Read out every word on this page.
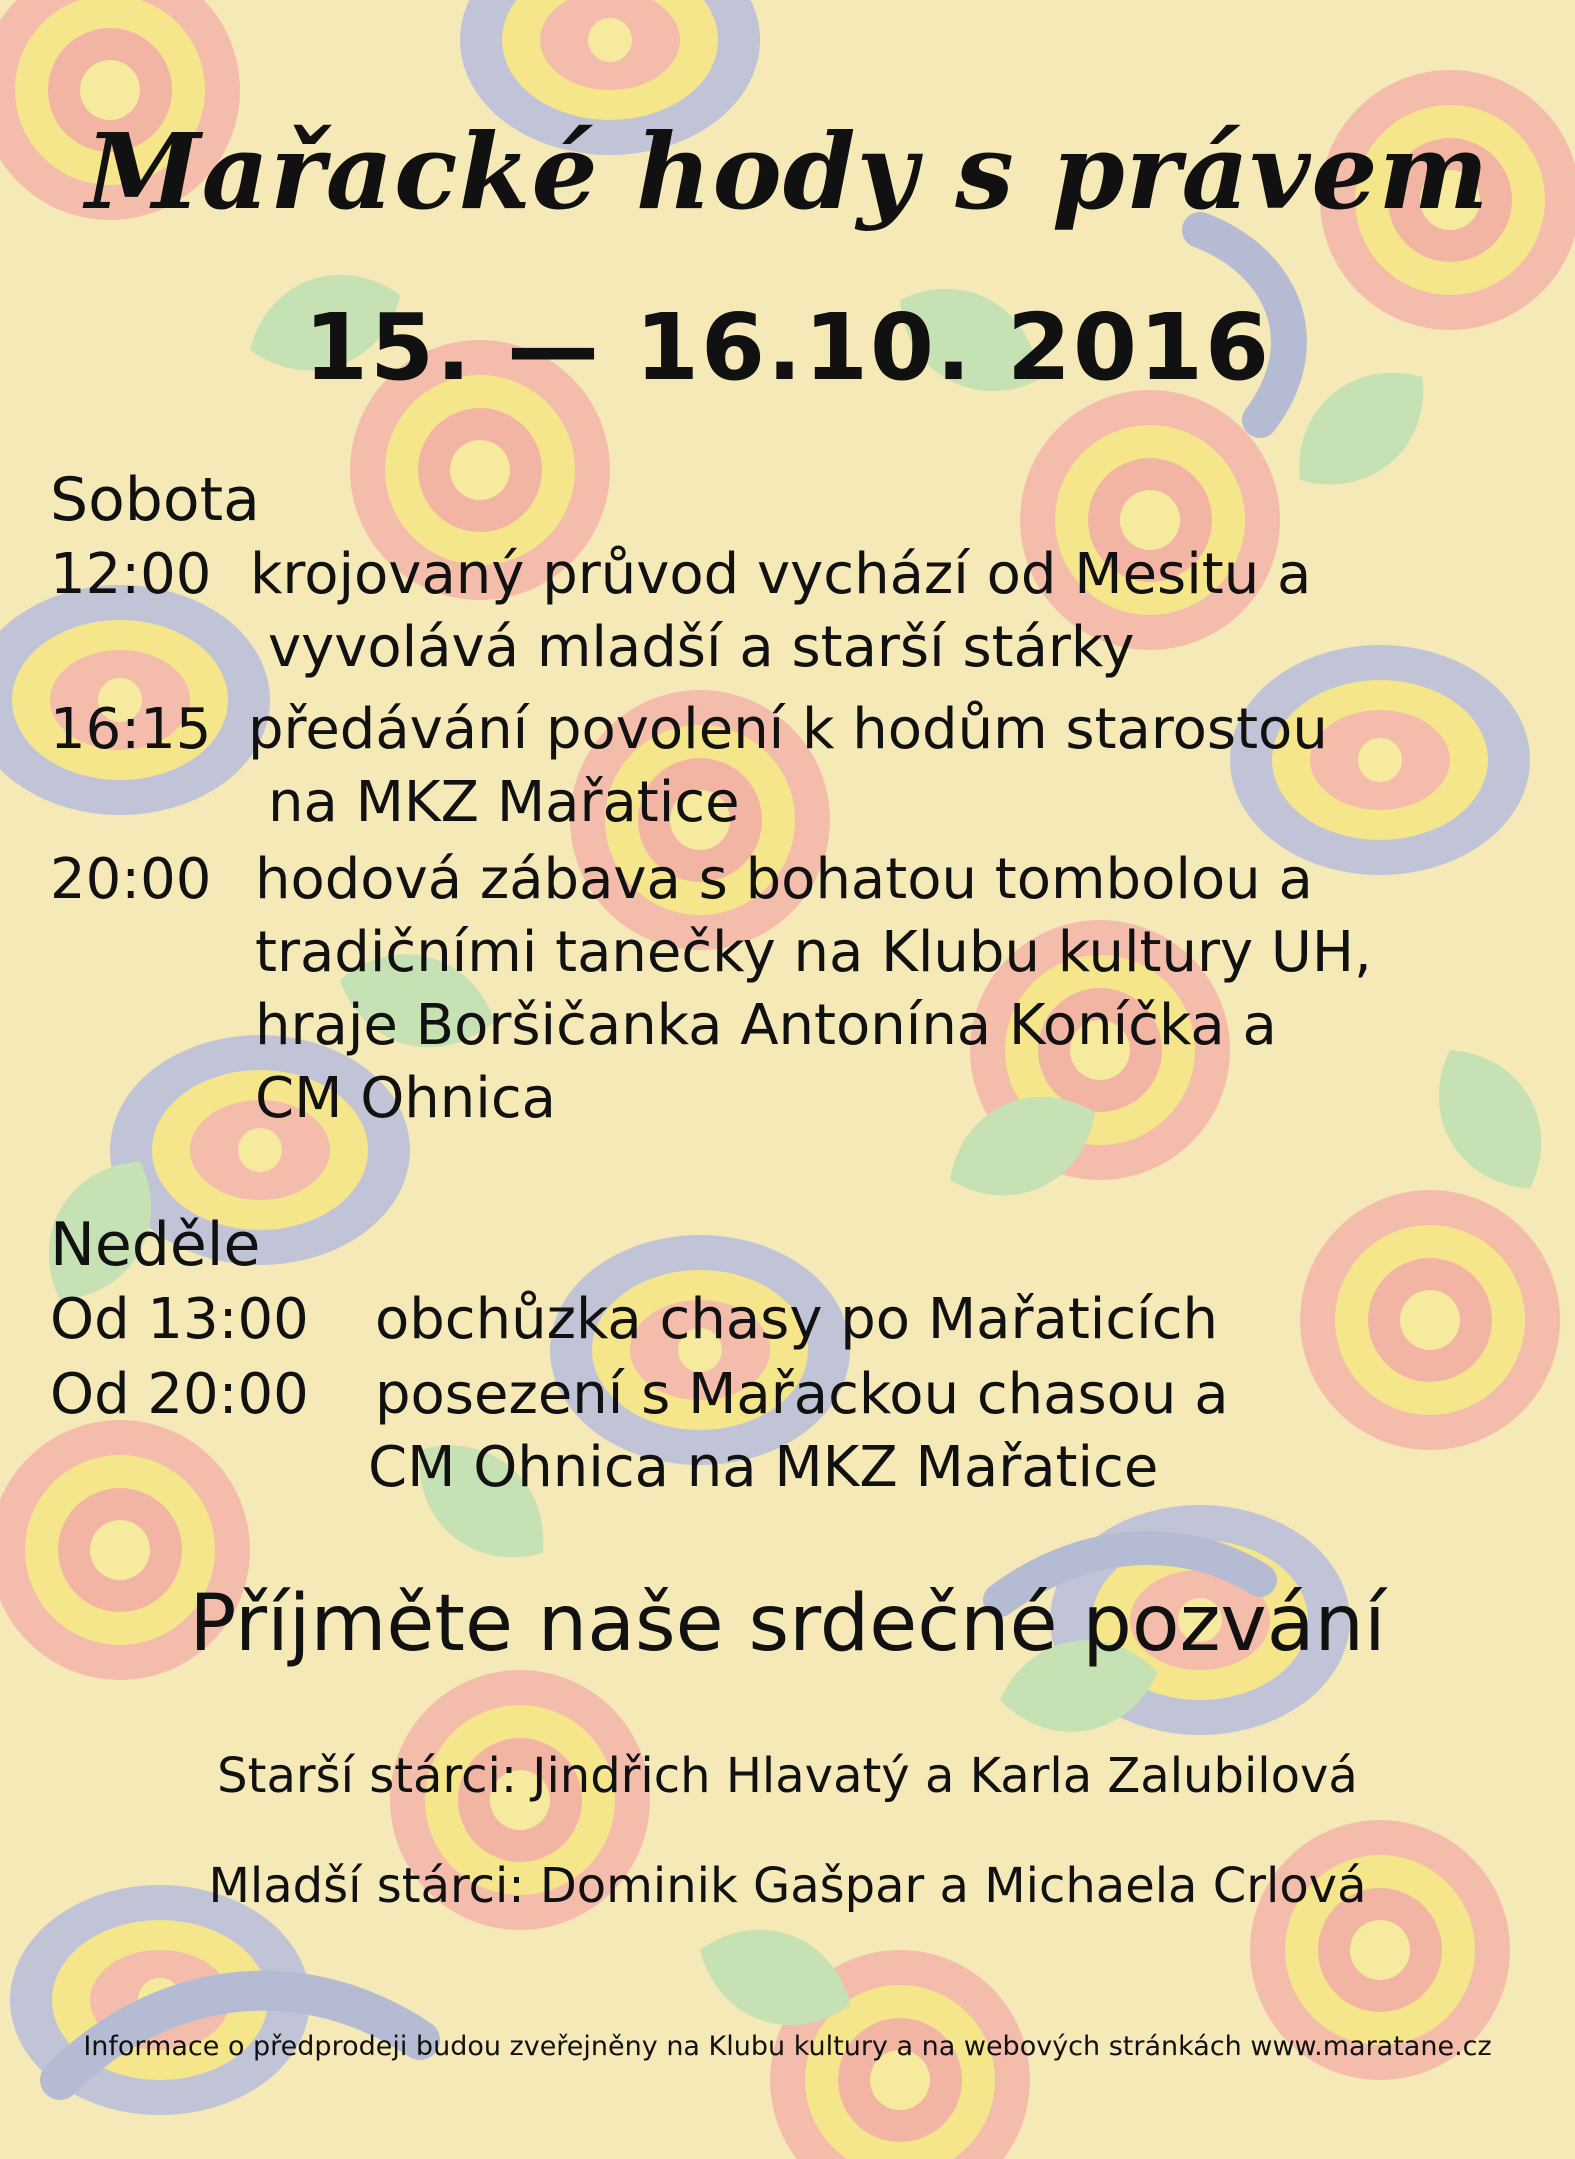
Mařacké hody s právem
15. — 16.10. 2016
Sobota
12:00 krojovaný průvod vychází od Mesitu a
vyvolává mladší a starší stárky
16:15 předávání povolení k hodům starostou
na MKZ Mařatice
20:00 hodová zábava s bohatou tombolou a
tradičními tanečky na Klubu kultury UH,
hraje Boršičanka Antonína Koníčka a
CM Ohnica
Neděle
Od 13:00 obchůzka chasy po Mařaticích
Od 20:00 posezení s Mařackou chasou a
CM Ohnica na MKZ Mařatice
Příjměte naše srdečné pozvání
Starší stárci: Jindřich Hlavatý a Karla Zalubilová
Mladší stárci: Dominik Gašpar a Michaela Crlová
Informace o předprodeji budou zveřejněny na Klubu kultury a na webových stránkách www.maratane.cz
